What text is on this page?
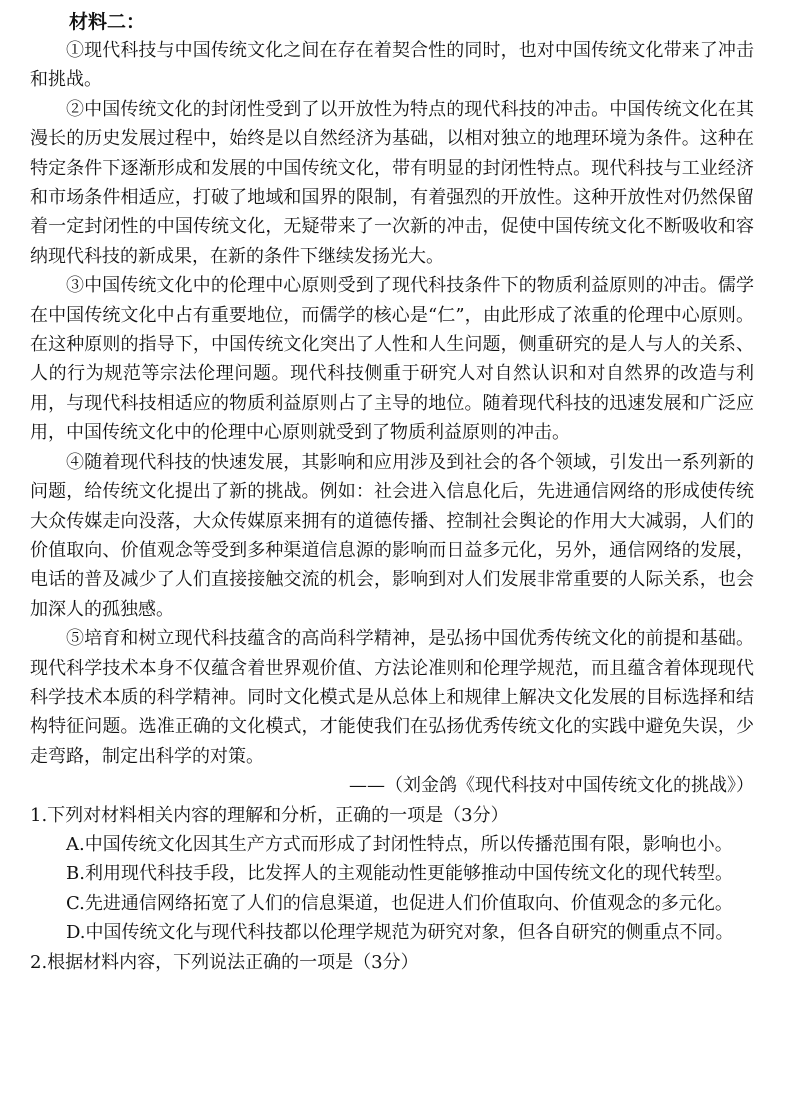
材料二：

①现代科技与中国传统文化之间在存在着契合性的同时，也对中国传统文化带来了冲击和挑战。

②中国传统文化的封闭性受到了以开放性为特点的现代科技的冲击。中国传统文化在其漫长的历史发展过程中，始终是以自然经济为基础，以相对独立的地理环境为条件。这种在特定条件下逐渐形成和发展的中国传统文化，带有明显的封闭性特点。现代科技与工业经济和市场条件相适应，打破了地域和国界的限制，有着强烈的开放性。这种开放性对仍然保留着一定封闭性的中国传统文化，无疑带来了一次新的冲击，促使中国传统文化不断吸收和容纳现代科技的新成果，在新的条件下继续发扬光大。

③中国传统文化中的伦理中心原则受到了现代科技条件下的物质利益原则的冲击。儒学在中国传统文化中占有重要地位，而儒学的核心是“仁”，由此形成了浓重的伦理中心原则。在这种原则的指导下，中国传统文化突出了人性和人生问题，侧重研究的是人与人的关系、人的行为规范等宗法伦理问题。现代科技侧重于研究人对自然认识和对自然界的改造与利用，与现代科技相适应的物质利益原则占了主导的地位。随着现代科技的迅速发展和广泛应用，中国传统文化中的伦理中心原则就受到了物质利益原则的冲击。

④随着现代科技的快速发展，其影响和应用涉及到社会的各个领域，引发出一系列新的问题，给传统文化提出了新的挑战。例如：社会进入信息化后，先进通信网络的形成使传统大众传媒走向没落，大众传媒原来拥有的道德传播、控制社会舆论的作用大大减弱，人们的价值取向、价值观念等受到多种渠道信息源的影响而日益多元化，另外，通信网络的发展，电话的普及减少了人们直接接触交流的机会，影响到对人们发展非常重要的人际关系，也会加深人的孤独感。

⑤培育和树立现代科技蕴含的高尚科学精神，是弘扬中国优秀传统文化的前提和基础。现代科学技术本身不仅蕴含着世界观价值、方法论准则和伦理学规范，而且蕴含着体现现代科学技术本质的科学精神。同时文化模式是从总体上和规律上解决文化发展的目标选择和结构特征问题。选准正确的文化模式，才能使我们在弘扬优秀传统文化的实践中避免失误，少走弯路，制定出科学的对策。

——（刘金鸽《现代科技对中国传统文化的挑战》）

1.下列对材料相关内容的理解和分析，正确的一项是（3分）

A.中国传统文化因其生产方式而形成了封闭性特点，所以传播范围有限，影响也小。

B.利用现代科技手段，比发挥人的主观能动性更能够推动中国传统文化的现代转型。

C.先进通信网络拓宽了人们的信息渠道，也促进人们价值取向、价值观念的多元化。

D.中国传统文化与现代科技都以伦理学规范为研究对象，但各自研究的侧重点不同。

2.根据材料内容，下列说法正确的一项是（3分）
